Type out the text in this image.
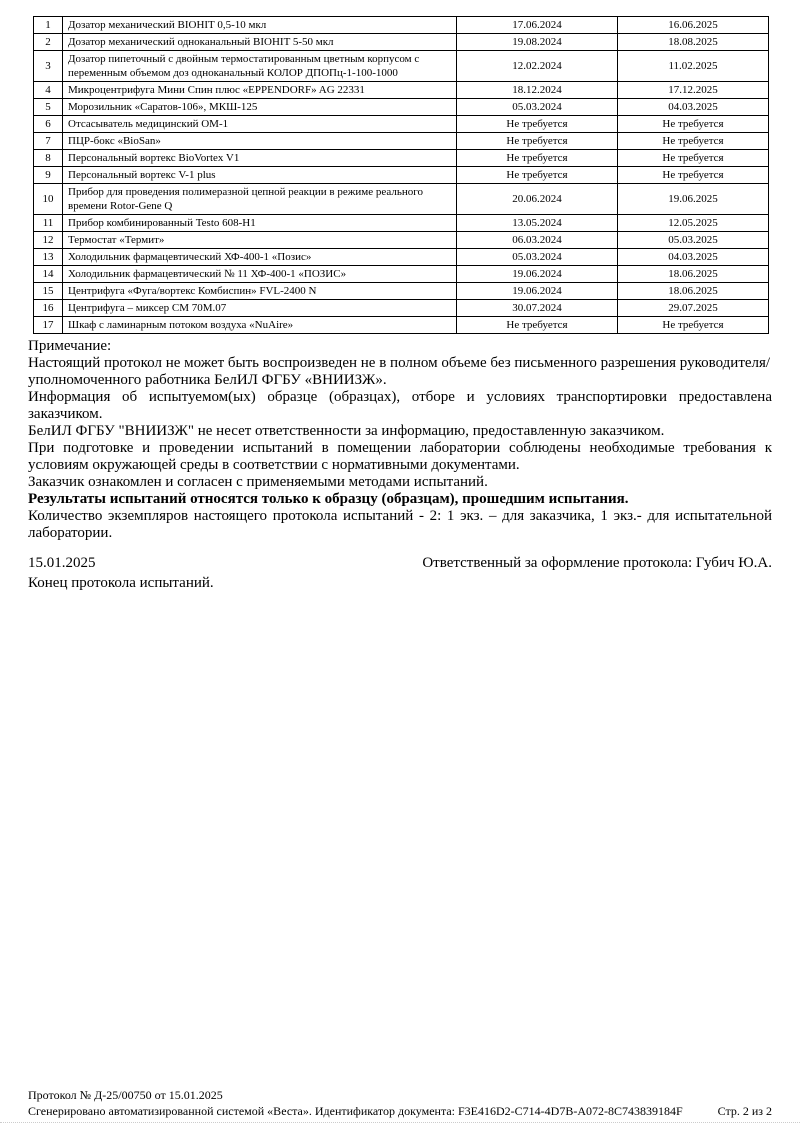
1	Дозатор механический BIOHIT 0,5-10 мкл	17.06.2024	16.06.2025
2	Дозатор механический одноканальный BIOHIT 5-50 мкл	19.08.2024	18.08.2025
3	Дозатор пипеточный с двойным термостатированным цветным корпусом с переменным объемом доз одноканальный КОЛОР ДПОПц-1-100-1000	12.02.2024	11.02.2025
4	Микроцентрифуга Мини Спин плюс «EPPENDORF» AG 22331	18.12.2024	17.12.2025
5	Морозильник «Саратов-106», МКШ-125	05.03.2024	04.03.2025
6	Отсасыватель медицинский ОМ-1	Не требуется	Не требуется
7	ПЦР-бокс «BioSan»	Не требуется	Не требуется
8	Персональный вортекс BioVortex V1	Не требуется	Не требуется
9	Персональный вортекс V-1 plus	Не требуется	Не требуется
10	Прибор для проведения полимеразной цепной реакции в режиме реального времени Rotor-Gene Q	20.06.2024	19.06.2025
11	Прибор комбинированный Testo 608-H1	13.05.2024	12.05.2025
12	Термостат «Термит»	06.03.2024	05.03.2025
13	Холодильник фармацевтический ХФ-400-1 «Позис»	05.03.2024	04.03.2025
14	Холодильник фармацевтический № 11 ХФ-400-1 «ПОЗИС»	19.06.2024	18.06.2025
15	Центрифуга «Фуга/вортекс Комбиспин» FVL-2400 N	19.06.2024	18.06.2025
16	Центрифуга – миксер СМ 70М.07	30.07.2024	29.07.2025
17	Шкаф с ламинарным потоком воздуха «NuAire»	Не требуется	Не требуется

Примечание:

Настоящий протокол не может быть воспроизведен не в полном объеме без письменного разрешения руководителя/уполномоченного работника БелИЛ ФГБУ «ВНИИЗЖ».

Информация об испытуемом(ых) образце (образцах), отборе и условиях транспортировки предоставлена заказчиком.

БелИЛ ФГБУ "ВНИИЗЖ" не несет ответственности за информацию, предоставленную заказчиком.

При подготовке и проведении испытаний в помещении лаборатории соблюдены необходимые требования к условиям окружающей среды в соответствии с нормативными документами.

Заказчик ознакомлен и согласен с применяемыми методами испытаний.

Результаты испытаний относятся только к образцу (образцам), прошедшим испытания.

Количество экземпляров настоящего протокола испытаний - 2: 1 экз. – для заказчика, 1 экз.- для испытательной лаборатории.

15.01.2025	Ответственный за оформление протокола: Губич Ю.А.

Конец протокола испытаний.

Протокол № Д-25/00750 от 15.01.2025
Сгенерировано автоматизированной системой «Веста». Идентификатор документа: F3E416D2-C714-4D7B-A072-8C743839184F	Стр. 2 из 2
